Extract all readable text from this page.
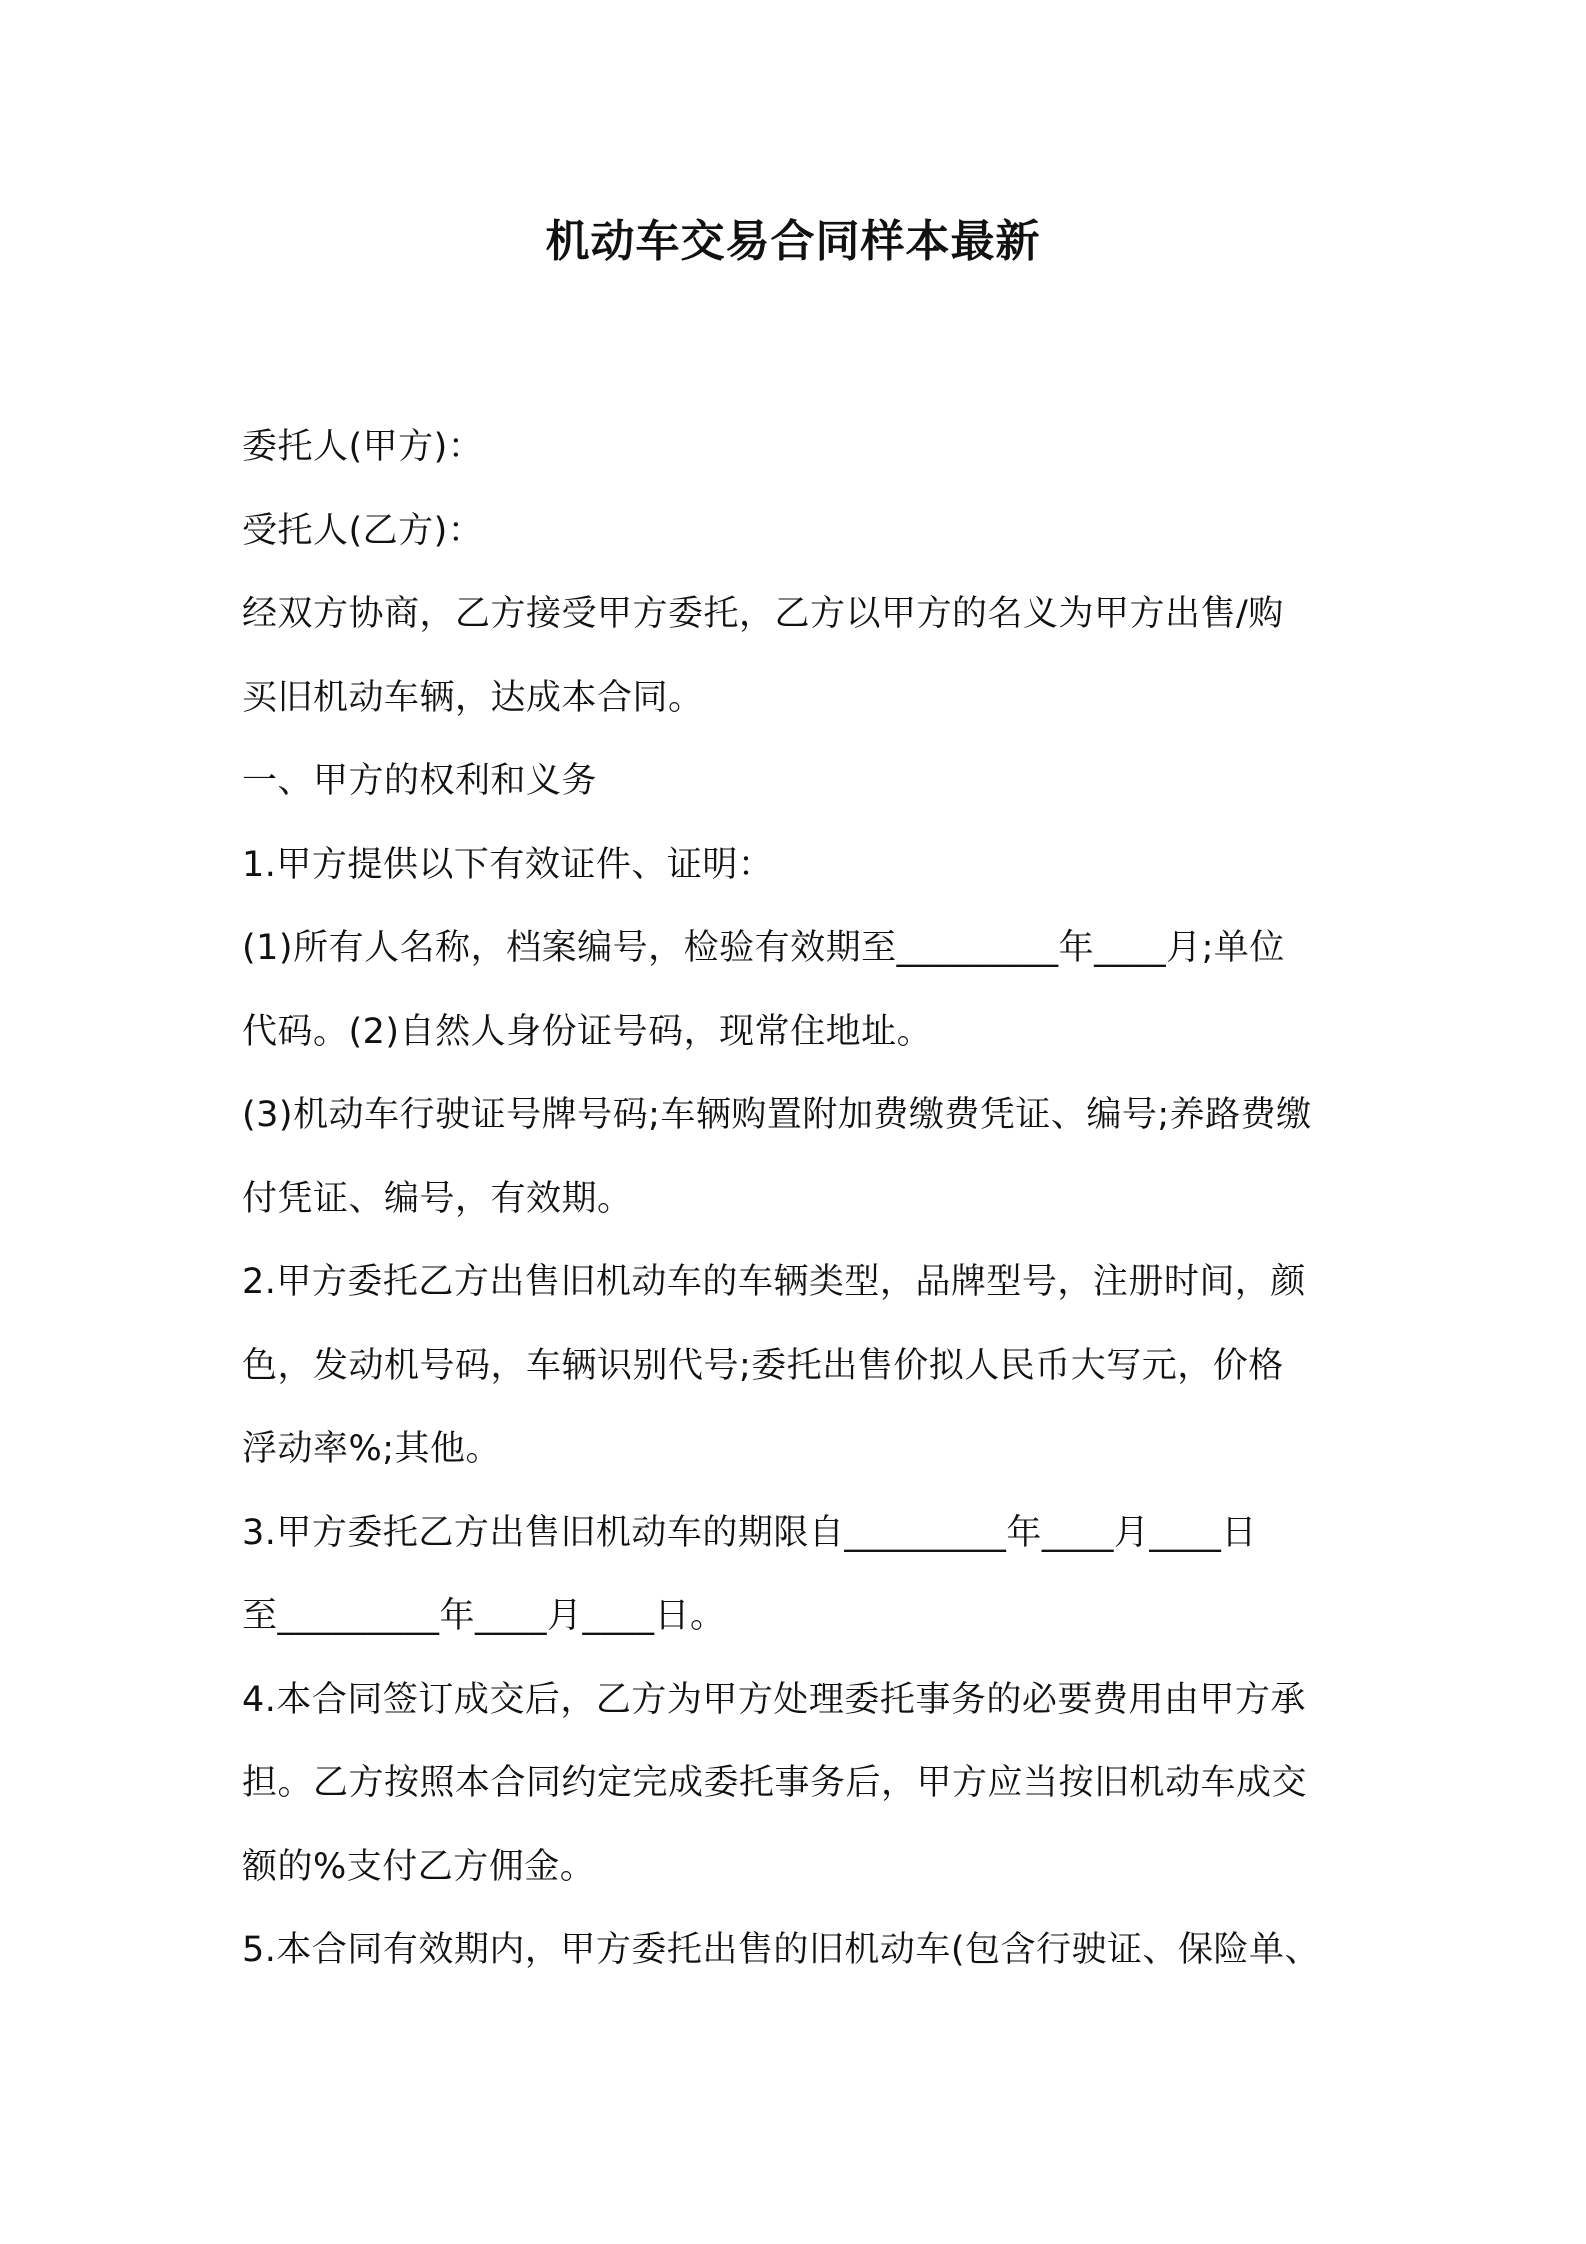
机动车交易合同样本最新

委托人(甲方)：

受托人(乙方)：

经双方协商，乙方接受甲方委托，乙方以甲方的名义为甲方出售/购

买旧机动车辆，达成本合同。

一、甲方的权利和义务

1.甲方提供以下有效证件、证明：

(1)所有人名称，档案编号，检验有效期至_________年____月;单位

代码。(2)自然人身份证号码，现常住地址。

(3)机动车行驶证号牌号码;车辆购置附加费缴费凭证、编号;养路费缴

付凭证、编号，有效期。

2.甲方委托乙方出售旧机动车的车辆类型，品牌型号，注册时间，颜

色，发动机号码，车辆识别代号;委托出售价拟人民币大写元，价格

浮动率%;其他。

3.甲方委托乙方出售旧机动车的期限自_________年____月____日

至_________年____月____日。

4.本合同签订成交后，乙方为甲方处理委托事务的必要费用由甲方承

担。乙方按照本合同约定完成委托事务后，甲方应当按旧机动车成交

额的%支付乙方佣金。

5.本合同有效期内，甲方委托出售的旧机动车(包含行驶证、保险单、
